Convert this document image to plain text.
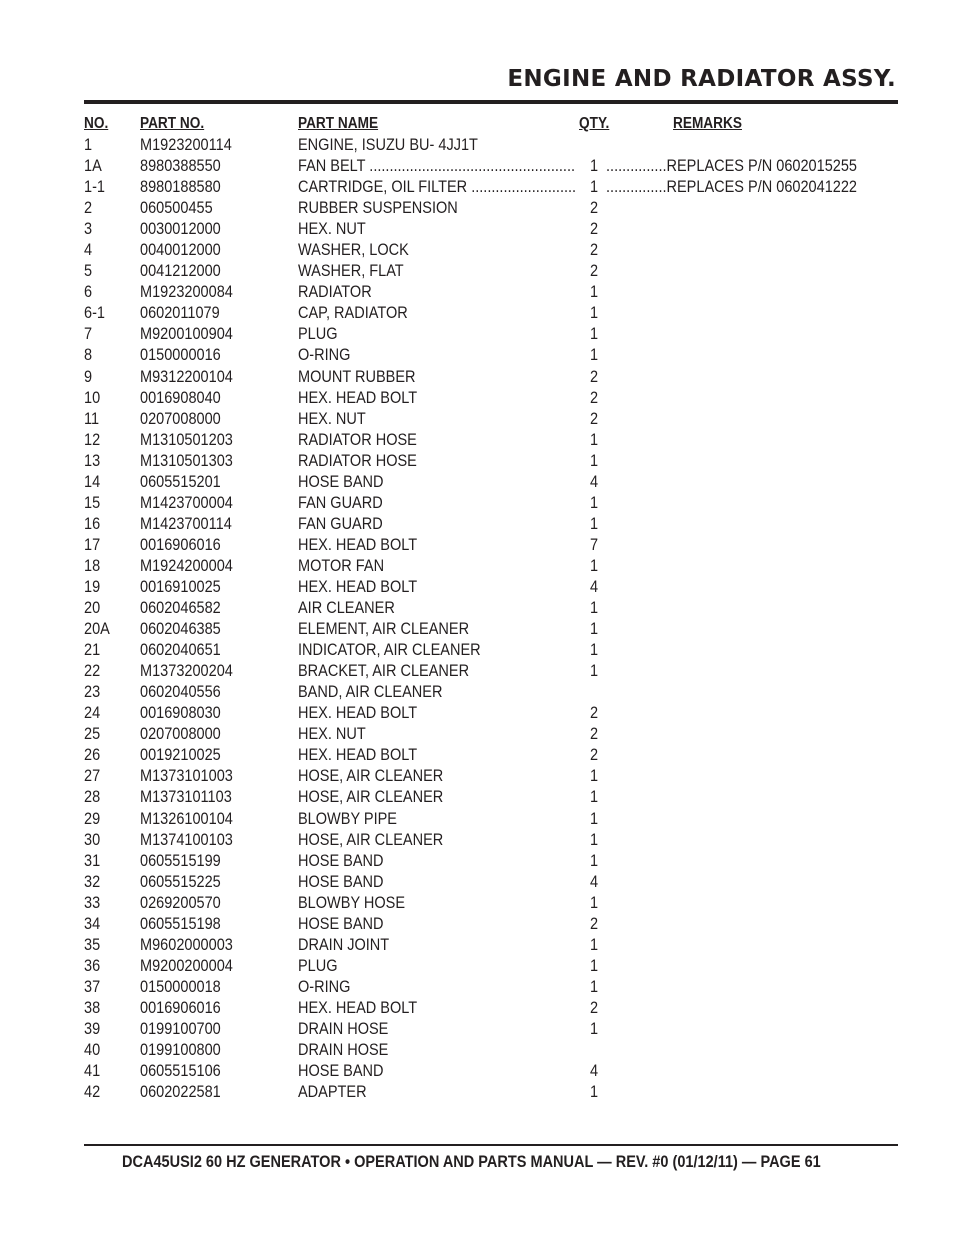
ENGINE AND RADIATOR ASSY.
NO. PART NO.	PART NAME	QTY.	REMARKS
1	M1923200114	ENGINE, ISUZU BU- 4JJ1T
1A 8980388550	FAN BELT ................................................... 1 ...............REPLACES P/N 0602015255
1-1 8980188580	CARTRIDGE, OIL FILTER .......................... 1 ...............REPLACES P/N 0602041222
2	060500455	RUBBER SUSPENSION	2
3	0030012000	HEX. NUT	2
4	0040012000	WASHER, LOCK	2
5	0041212000	WASHER, FLAT	2
6	M1923200084	RADIATOR	1
6-1 0602011079	CAP, RADIATOR	1
7	M9200100904	PLUG	1
8	0150000016	O-RING	1
9	M9312200104	MOUNT RUBBER	2
10 0016908040	HEX. HEAD BOLT	2
11 0207008000	HEX. NUT	2
12 M1310501203	RADIATOR HOSE	1
13 M1310501303	RADIATOR HOSE	1
14 0605515201	HOSE BAND	4
15 M1423700004	FAN GUARD	1
16 M1423700114	FAN GUARD	1
17 0016906016	HEX. HEAD BOLT	7
18 M1924200004	MOTOR FAN	1
19 0016910025	HEX. HEAD BOLT	4
20 0602046582	AIR CLEANER	1
20A 0602046385	ELEMENT, AIR CLEANER	1
21 0602040651	INDICATOR, AIR CLEANER	1
22 M1373200204	BRACKET, AIR CLEANER	1
23 0602040556	BAND, AIR CLEANER
24 0016908030	HEX. HEAD BOLT	2
25 0207008000	HEX. NUT	2
26 0019210025	HEX. HEAD BOLT	2
27 M1373101003	HOSE, AIR CLEANER	1
28 M1373101103	HOSE, AIR CLEANER	1
29 M1326100104	BLOWBY PIPE	1
30 M1374100103	HOSE, AIR CLEANER	1
31 0605515199	HOSE BAND	1
32 0605515225	HOSE BAND	4
33 0269200570	BLOWBY HOSE	1
34 0605515198	HOSE BAND	2
35 M9602000003	DRAIN JOINT	1
36 M9200200004	PLUG	1
37 0150000018	O-RING	1
38 0016906016	HEX. HEAD BOLT	2
39 0199100700	DRAIN HOSE	1
40 0199100800	DRAIN HOSE
41 0605515106	HOSE BAND	4
42 0602022581	ADAPTER	1
DCA45USI2 60 HZ GENERATOR • OPERATION AND PARTS MANUAL — REV. #0 (01/12/11) — PAGE 61
